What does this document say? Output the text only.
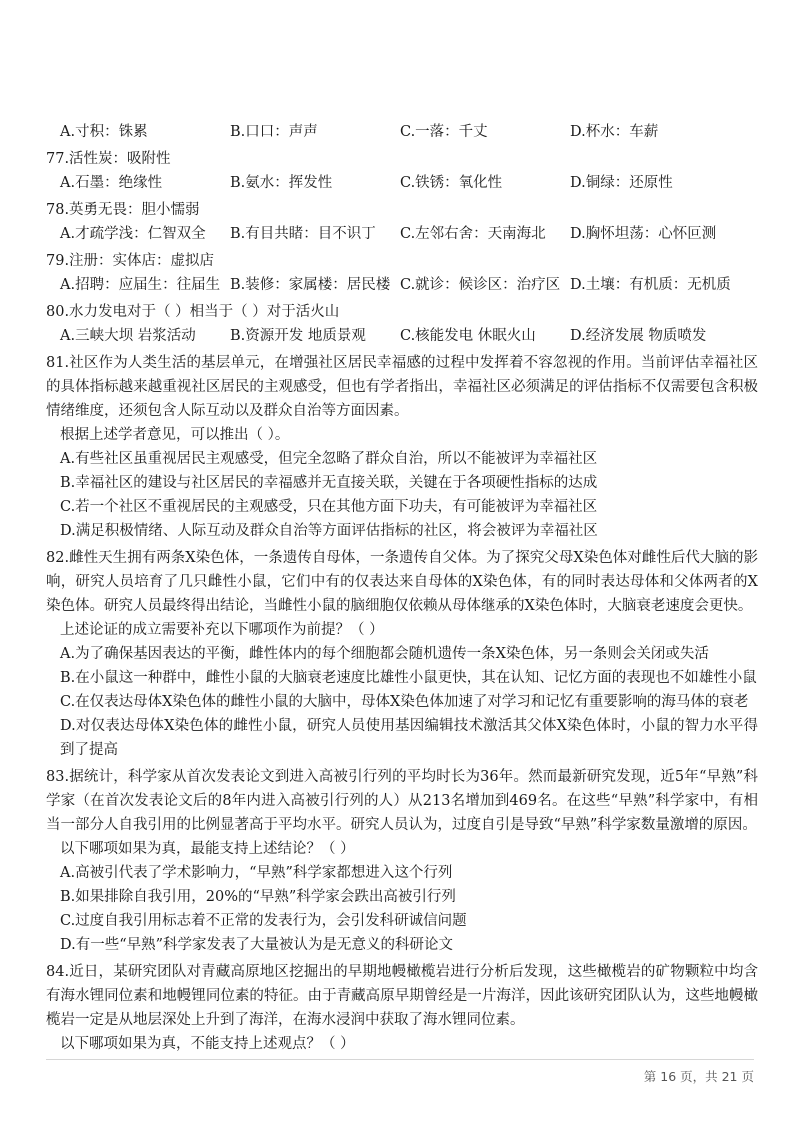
A.寸积：铢累	B.口口：声声	C.一落：千丈	D.杯水：车薪
77.活性炭：吸附性
A.石墨：绝缘性	B.氨水：挥发性	C.铁锈：氧化性	D.铜绿：还原性
78.英勇无畏：胆小懦弱
A.才疏学浅：仁智双全	B.有目共睹：目不识丁	C.左邻右舍：天南海北	D.胸怀坦荡：心怀叵测
79.注册：实体店：虚拟店
A.招聘：应届生：往届生 B.装修：家属楼：居民楼 C.就诊：候诊区：治疗区 D.土壤：有机质：无机质
80.水力发电对于（ ）相当于（ ）对于活火山
A.三峡大坝 岩浆活动	B.资源开发 地质景观	C.核能发电 休眠火山	D.经济发展 物质喷发
81.社区作为人类生活的基层单元，在增强社区居民幸福感的过程中发挥着不容忽视的作用。当前评估幸福社区的具体指标越来越重视社区居民的主观感受，但也有学者指出，幸福社区必须满足的评估指标不仅需要包含积极情绪维度，还须包含人际互动以及群众自治等方面因素。
根据上述学者意见，可以推出（ ）。
A.有些社区虽重视居民主观感受，但完全忽略了群众自治，所以不能被评为幸福社区
B.幸福社区的建设与社区居民的幸福感并无直接关联，关键在于各项硬性指标的达成
C.若一个社区不重视居民的主观感受，只在其他方面下功夫，有可能被评为幸福社区
D.满足积极情绪、人际互动及群众自治等方面评估指标的社区，将会被评为幸福社区
82.雌性天生拥有两条X染色体，一条遗传自母体，一条遗传自父体。为了探究父母X染色体对雌性后代大脑的影响，研究人员培育了几只雌性小鼠，它们中有的仅表达来自母体的X染色体，有的同时表达母体和父体两者的X染色体。研究人员最终得出结论，当雌性小鼠的脑细胞仅依赖从母体继承的X染色体时，大脑衰老速度会更快。
上述论证的成立需要补充以下哪项作为前提？（ ）
A.为了确保基因表达的平衡，雌性体内的每个细胞都会随机遗传一条X染色体，另一条则会关闭或失活
B.在小鼠这一种群中，雌性小鼠的大脑衰老速度比雄性小鼠更快，其在认知、记忆方面的表现也不如雄性小鼠
C.在仅表达母体X染色体的雌性小鼠的大脑中，母体X染色体加速了对学习和记忆有重要影响的海马体的衰老
D.对仅表达母体X染色体的雌性小鼠，研究人员使用基因编辑技术激活其父体X染色体时，小鼠的智力水平得到了提高
83.据统计，科学家从首次发表论文到进入高被引行列的平均时长为36年。然而最新研究发现，近5年“早熟”科学家（在首次发表论文后的8年内进入高被引行列的人）从213名增加到469名。在这些“早熟”科学家中，有相当一部分人自我引用的比例显著高于平均水平。研究人员认为，过度自引是导致“早熟”科学家数量激增的原因。
以下哪项如果为真，最能支持上述结论？（ ）
A.高被引代表了学术影响力，“早熟”科学家都想进入这个行列
B.如果排除自我引用，20%的“早熟”科学家会跌出高被引行列
C.过度自我引用标志着不正常的发表行为，会引发科研诚信问题
D.有一些“早熟”科学家发表了大量被认为是无意义的科研论文
84.近日，某研究团队对青藏高原地区挖掘出的早期地幔橄榄岩进行分析后发现，这些橄榄岩的矿物颗粒中均含有海水锂同位素和地幔锂同位素的特征。由于青藏高原早期曾经是一片海洋，因此该研究团队认为，这些地幔橄榄岩一定是从地层深处上升到了海洋，在海水浸润中获取了海水锂同位素。
以下哪项如果为真，不能支持上述观点？（ ）
第 16 页，共 21 页
